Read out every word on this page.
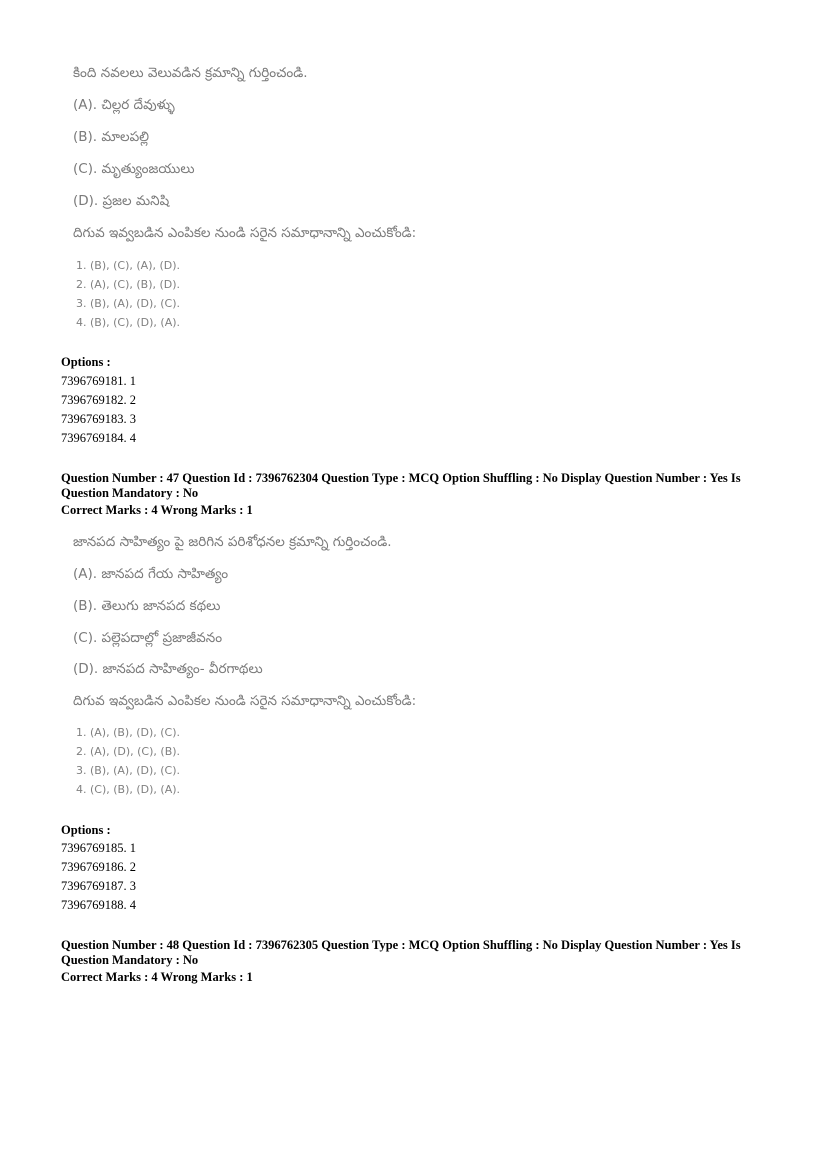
కింది నవలలు వెలువడిన క్రమాన్ని గుర్తించండి.
(A). చిల్లర దేవుళ్ళు
(B). మాలపల్లి
(C). మృత్యుంజయులు
(D). ప్రజల మనిషి
దిగువ ఇవ్వబడిన ఎంపికల నుండి సరైన సమాధానాన్ని ఎంచుకోండి:
1. (B), (C), (A), (D).
2. (A), (C), (B), (D).
3. (B), (A), (D), (C).
4. (B), (C), (D), (A).
Options :
7396769181. 1
7396769182. 2
7396769183. 3
7396769184. 4
Question Number : 47 Question Id : 7396762304 Question Type : MCQ Option Shuffling : No Display Question Number : Yes Is
Question Mandatory : No
Correct Marks : 4 Wrong Marks : 1
జానపద సాహిత్యం పై జరిగిన పరిశోధనల క్రమాన్ని గుర్తించండి.
(A). జానపద గేయ సాహిత్యం
(B). తెలుగు జానపద కథలు
(C). పల్లెపదాల్లో ప్రజాజీవనం
(D). జానపద సాహిత్యం- వీరగాథలు
దిగువ ఇవ్వబడిన ఎంపికల నుండి సరైన సమాధానాన్ని ఎంచుకోండి:
1. (A), (B), (D), (C).
2. (A), (D), (C), (B).
3. (B), (A), (D), (C).
4. (C), (B), (D), (A).
Options :
7396769185. 1
7396769186. 2
7396769187. 3
7396769188. 4
Question Number : 48 Question Id : 7396762305 Question Type : MCQ Option Shuffling : No Display Question Number : Yes Is
Question Mandatory : No
Correct Marks : 4 Wrong Marks : 1
